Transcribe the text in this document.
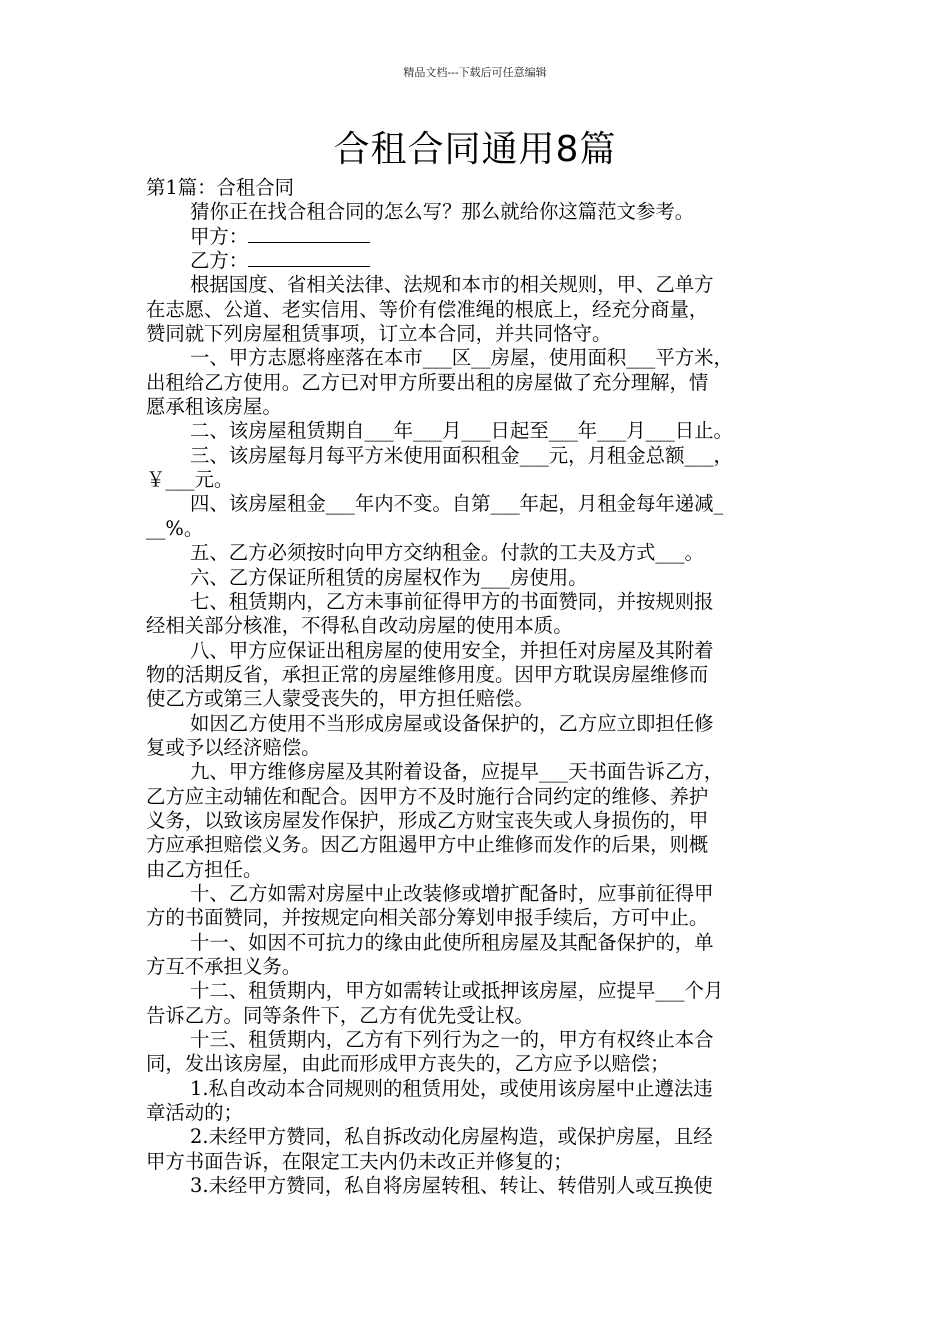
精品文档---下载后可任意编辑
合租合同通用8篇
第1篇：合租合同
猜你正在找合租合同的怎么写？那么就给你这篇范文参考。
甲方：
乙方：
根据国度、省相关法律、法规和本市的相关规则，甲、乙单方
在志愿、公道、老实信用、等价有偿准绳的根底上，经充分商量，
赞同就下列房屋租赁事项，订立本合同，并共同恪守。
一、甲方志愿将座落在本市___区__房屋，使用面积___平方米，
出租给乙方使用。乙方已对甲方所要出租的房屋做了充分理解，情
愿承租该房屋。
二、该房屋租赁期自___年___月___日起至___年___月___日止。
三、该房屋每月每平方米使用面积租金___元，月租金总额___，
￥___元。
四、该房屋租金___年内不变。自第___年起，月租金每年递减_
__%。
五、乙方必须按时向甲方交纳租金。付款的工夫及方式___。
六、乙方保证所租赁的房屋权作为___房使用。
七、租赁期内，乙方未事前征得甲方的书面赞同，并按规则报
经相关部分核准，不得私自改动房屋的使用本质。
八、甲方应保证出租房屋的使用安全，并担任对房屋及其附着
物的活期反省，承担正常的房屋维修用度。因甲方耽误房屋维修而
使乙方或第三人蒙受丧失的，甲方担任赔偿。
如因乙方使用不当形成房屋或设备保护的，乙方应立即担任修
复或予以经济赔偿。
九、甲方维修房屋及其附着设备，应提早___天书面告诉乙方，
乙方应主动辅佐和配合。因甲方不及时施行合同约定的维修、养护
义务，以致该房屋发作保护，形成乙方财宝丧失或人身损伤的，甲
方应承担赔偿义务。因乙方阻遏甲方中止维修而发作的后果，则概
由乙方担任。
十、乙方如需对房屋中止改装修或增扩配备时，应事前征得甲
方的书面赞同，并按规定向相关部分筹划申报手续后，方可中止。
十一、如因不可抗力的缘由此使所租房屋及其配备保护的，单
方互不承担义务。
十二、租赁期内，甲方如需转让或抵押该房屋，应提早___个月
告诉乙方。同等条件下，乙方有优先受让权。
十三、租赁期内，乙方有下列行为之一的，甲方有权终止本合
同，发出该房屋，由此而形成甲方丧失的，乙方应予以赔偿；
1.私自改动本合同规则的租赁用处，或使用该房屋中止遵法违
章活动的；
2.未经甲方赞同，私自拆改动化房屋构造，或保护房屋，且经
甲方书面告诉，在限定工夫内仍未改正并修复的；
3.未经甲方赞同，私自将房屋转租、转让、转借别人或互换使
